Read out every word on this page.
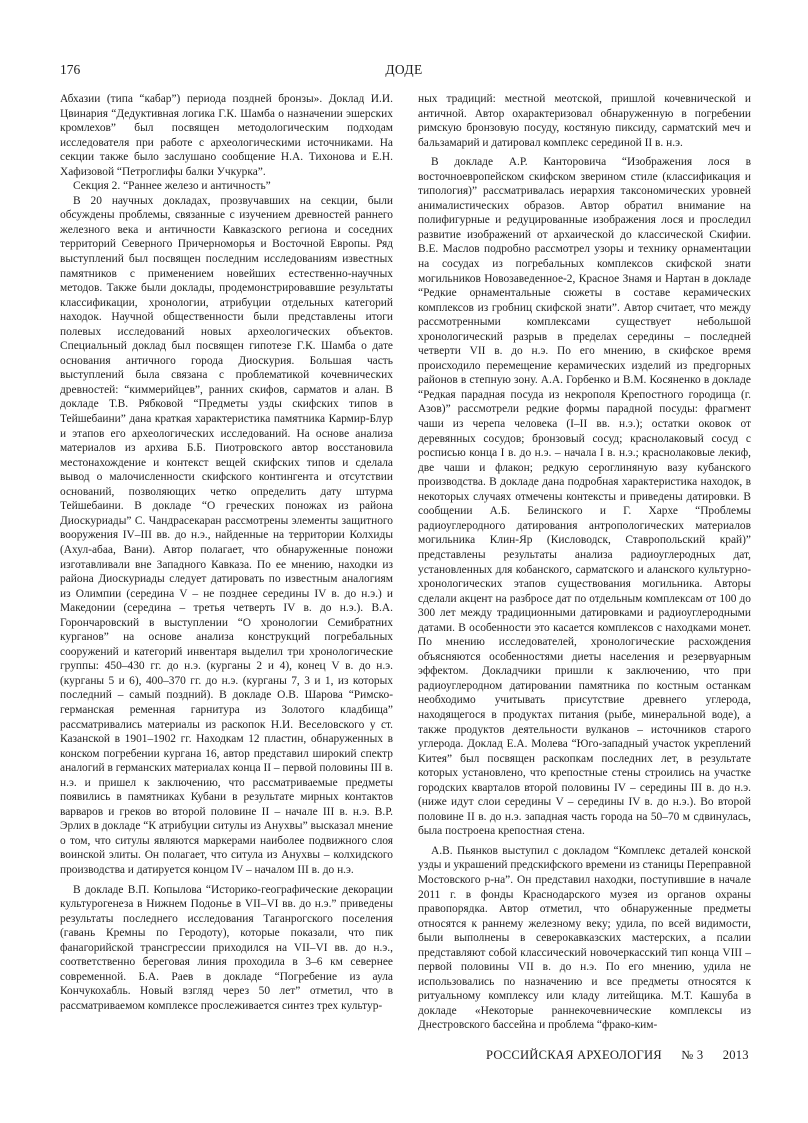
176	ДОДЕ

Абхазии (типа “кабар”) периода поздней бронзы». Доклад И.И. Цвинария “Дедуктивная логика Г.К. Шамба о назначении эшерских кромлехов” был посвящен методологическим подходам исследователя при работе с археологическими источниками. На секции также было заслушано сообщение Н.А. Тихонова и Е.Н. Хафизовой “Петроглифы балки Учкурка”.

Секция 2. “Раннее железо и античность”

В 20 научных докладах, прозвучавших на секции, были обсуждены проблемы, связанные с изучением древностей раннего железного века и античности Кавказского региона и соседних территорий Северного Причерноморья и Восточной Европы. Ряд выступлений был посвящен последним исследованиям известных памятников с применением новейших естественно-научных методов. Также были доклады, продемонстрировавшие результаты классификации, хронологии, атрибуции отдельных категорий находок. Научной общественности были представлены итоги полевых исследований новых археологических объектов. Специальный доклад был посвящен гипотезе Г.К. Шамба о дате основания античного города Диоскурия. Большая часть выступлений была связана с проблематикой кочевнических древностей: “киммерийцев”, ранних скифов, сарматов и алан. В докладе Т.В. Рябковой “Предметы узды скифских типов в Тейшебаини” дана краткая характеристика памятника Кармир-Блур и этапов его археологических исследований. На основе анализа материалов из архива Б.Б. Пиотровского автор восстановила местонахождение и контекст вещей скифских типов и сделала вывод о малочисленности скифского контингента и отсутствии оснований, позволяющих четко определить дату штурма Тейшебаини. В докладе “О греческих поножах из района Диоскуриады” С. Чандрасекаран рассмотрены элементы защитного вооружения IV–III вв. до н.э., найденные на территории Колхиды (Ахул-абаа, Вани). Автор полагает, что обнаруженные поножи изготавливали вне Западного Кавказа. По ее мнению, находки из района Диоскуриады следует датировать по известным аналогиям из Олимпии (середина V – не позднее середины IV в. до н.э.) и Македонии (середина – третья четверть IV в. до н.э.). В.А. Горончаровский в выступлении “О хронологии Семибратних курганов” на основе анализа конструкций погребальных сооружений и категорий инвентаря выделил три хронологические группы: 450–430 гг. до н.э. (курганы 2 и 4), конец V в. до н.э. (курганы 5 и 6), 400–370 гг. до н.э. (курганы 7, 3 и 1, из которых последний – самый поздний). В докладе О.В. Шарова “Римско-германская ременная гарнитура из Золотого кладбища” рассматривались материалы из раскопок Н.И. Веселовского у ст. Казанской в 1901–1902 гг. Находкам 12 пластин, обнаруженных в конском погребении кургана 16, автор представил широкий спектр аналогий в германских материалах конца II – первой половины III в. н.э. и пришел к заключению, что рассматриваемые предметы появились в памятниках Кубани в результате мирных контактов варваров и греков во второй половине II – начале III в. н.э. В.Р. Эрлих в докладе “К атрибуции ситулы из Анухвы” высказал мнение о том, что ситулы являются маркерами наиболее подвижного слоя воинской элиты. Он полагает, что ситула из Анухвы – колхидского производства и датируется концом IV – началом III в. до н.э.

В докладе В.П. Копылова “Историко-географические декорации культурогенеза в Нижнем Подонье в VII–VI вв. до н.э.” приведены результаты последнего исследования Таганрогского поселения (гавань Кремны по Геродоту), которые показали, что пик фанагорийской трансгрессии приходился на VII–VI вв. до н.э., соответственно береговая линия проходила в 3–6 км севернее современной. Б.А. Раев в докладе “Погребение из аула Кончукохабль. Новый взгляд через 50 лет” отметил, что в рассматриваемом комплексе прослеживается синтез трех культур-

ных традиций: местной меотской, пришлой кочевнической и античной. Автор охарактеризовал обнаруженную в погребении римскую бронзовую посуду, костяную пиксиду, сарматский меч и бальзамарий и датировал комплекс серединой II в. н.э.

В докладе А.Р. Канторовича “Изображения лося в восточноевропейском скифском зверином стиле (классификация и типология)” рассматривалась иерархия таксономических уровней анималистических образов. Автор обратил внимание на полифигурные и редуцированные изображения лося и проследил развитие изображений от архаической до классической Скифии. В.Е. Маслов подробно рассмотрел узоры и технику орнаментации на сосудах из погребальных комплексов скифской знати могильников Новозаведенное-2, Красное Знамя и Нартан в докладе “Редкие орнаментальные сюжеты в составе керамических комплексов из гробниц скифской знати”. Автор считает, что между рассмотренными комплексами существует небольшой хронологический разрыв в пределах середины – последней четверти VII в. до н.э. По его мнению, в скифское время происходило перемещение керамических изделий из предгорных районов в степную зону. А.А. Горбенко и В.М. Косяненко в докладе “Редкая парадная посуда из некрополя Крепостного городища (г. Азов)” рассмотрели редкие формы парадной посуды: фрагмент чаши из черепа человека (I–II вв. н.э.); остатки оковок от деревянных сосудов; бронзовый сосуд; краснолаковый сосуд с росписью конца I в. до н.э. – начала I в. н.э.; краснолаковые лекиф, две чаши и флакон; редкую сероглиняную вазу кубанского производства. В докладе дана подробная характеристика находок, в некоторых случаях отмечены контексты и приведены датировки. В сообщении А.Б. Белинского и Г. Хархе “Проблемы радиоуглеродного датирования антропологических материалов могильника Клин-Яр (Кисловодск, Ставропольский край)” представлены результаты анализа радиоуглеродных дат, установленных для кобанского, сарматского и аланского культурно-хронологических этапов существования могильника. Авторы сделали акцент на разбросе дат по отдельным комплексам от 100 до 300 лет между традиционными датировками и радиоуглеродными датами. В особенности это касается комплексов с находками монет. По мнению исследователей, хронологические расхождения объясняются особенностями диеты населения и резервуарным эффектом. Докладчики пришли к заключению, что при радиоуглеродном датировании памятника по костным останкам необходимо учитывать присутствие древнего углерода, находящегося в продуктах питания (рыбе, минеральной воде), а также продуктов деятельности вулканов – источников старого углерода. Доклад Е.А. Молева “Юго-западный участок укреплений Китея” был посвящен раскопкам последних лет, в результате которых установлено, что крепостные стены строились на участке городских кварталов второй половины IV – середины III в. до н.э. (ниже идут слои середины V – середины IV в. до н.э.). Во второй половине II в. до н.э. западная часть города на 50–70 м сдвинулась, была построена крепостная стена.

А.В. Пьянков выступил с докладом “Комплекс деталей конской узды и украшений предскифского времени из станицы Переправной Мостовского р-на”. Он представил находки, поступившие в начале 2011 г. в фонды Краснодарского музея из органов охраны правопорядка. Автор отметил, что обнаруженные предметы относятся к раннему железному веку; удила, по всей видимости, были выполнены в северокавказских мастерских, а псалии представляют собой классический новочеркасский тип конца VIII – первой половины VII в. до н.э. По его мнению, удила не использовались по назначению и все предметы относятся к ритуальному комплексу или кладу литейщика. М.Т. Кашуба в докладе «Некоторые раннекочевнические комплексы из Днестровского бассейна и проблема “фрако-ким-

РОССИЙСКАЯ АРХЕОЛОГИЯ № 3 2013
